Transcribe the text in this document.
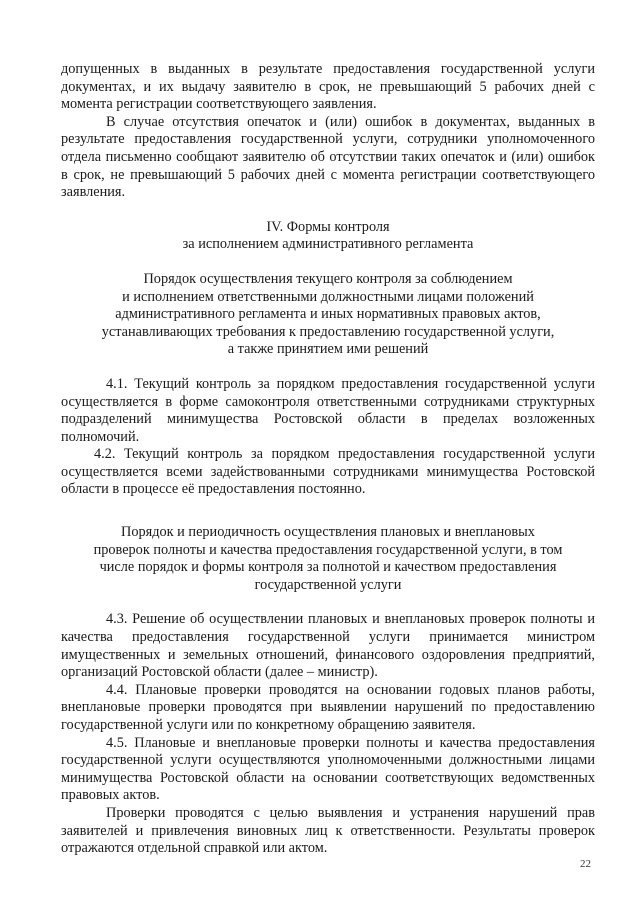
допущенных в выданных в результате предоставления государственной услуги документах, и их выдачу заявителю в срок, не превышающий 5 рабочих дней с момента регистрации соответствующего заявления.

В случае отсутствия опечаток и (или) ошибок в документах, выданных в результате предоставления государственной услуги, сотрудники уполномоченного отдела письменно сообщают заявителю об отсутствии таких опечаток и (или) ошибок в срок, не превышающий 5 рабочих дней с момента регистрации соответствующего заявления.

IV. Формы контроля

за исполнением административного регламента

Порядок осуществления текущего контроля за соблюдением

и исполнением ответственными должностными лицами положений

административного регламента и иных нормативных правовых актов,

устанавливающих требования к предоставлению государственной услуги,

а также принятием ими решений

4.1. Текущий контроль за порядком предоставления государственной услуги осуществляется в форме самоконтроля ответственными сотрудниками структурных подразделений минимущества Ростовской области в пределах возложенных полномочий.

4.2. Текущий контроль за порядком предоставления государственной услуги осуществляется всеми задействованными сотрудниками минимущества Ростовской области в процессе её предоставления постоянно.

Порядок и периодичность осуществления плановых и внеплановых

проверок полноты и качества предоставления государственной услуги, в том

числе порядок и формы контроля за полнотой и качеством предоставления

государственной услуги

4.3. Решение об осуществлении плановых и внеплановых проверок полноты и качества предоставления государственной услуги принимается министром имущественных и земельных отношений, финансового оздоровления предприятий, организаций Ростовской области (далее – министр).

4.4. Плановые проверки проводятся на основании годовых планов работы, внеплановые проверки проводятся при выявлении нарушений по предоставлению государственной услуги или по конкретному обращению заявителя.

4.5. Плановые и внеплановые проверки полноты и качества предоставления государственной услуги осуществляются уполномоченными должностными лицами минимущества Ростовской области на основании соответствующих ведомственных правовых актов.

Проверки проводятся с целью выявления и устранения нарушений прав заявителей и привлечения виновных лиц к ответственности. Результаты проверок отражаются отдельной справкой или актом.

22
